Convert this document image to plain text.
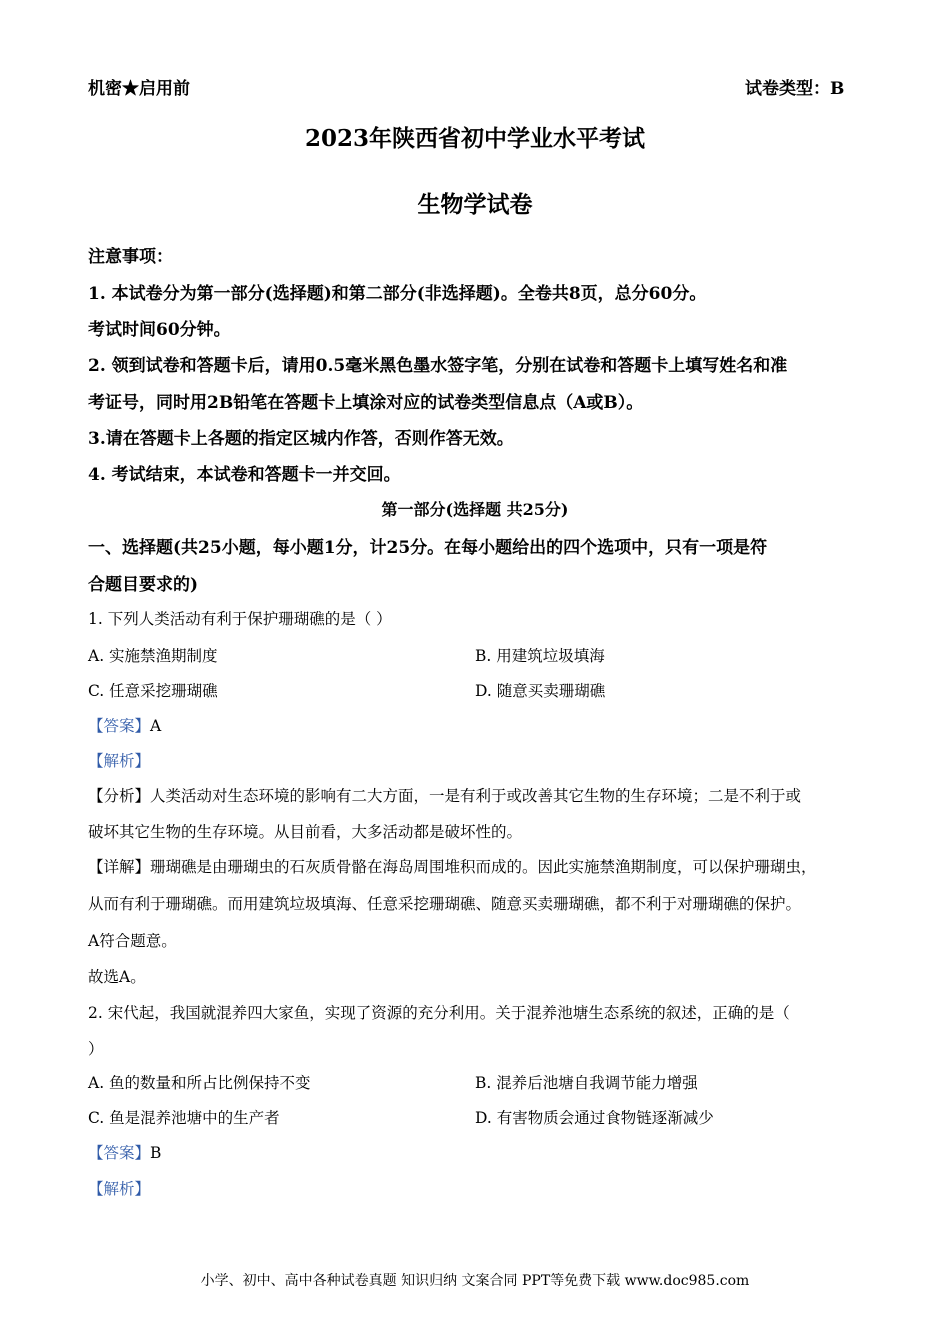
机密★启用前	试卷类型：B
2023年陕西省初中学业水平考试
生物学试卷
注意事项：
1. 本试卷分为第一部分(选择题)和第二部分(非选择题)。全卷共8页，总分60分。
考试时间60分钟。
2. 领到试卷和答题卡后，请用0.5毫米黑色墨水签字笔，分别在试卷和答题卡上填写姓名和准
考证号，同时用2B铅笔在答题卡上填涂对应的试卷类型信息点（A或B）。
3.请在答题卡上各题的指定区城内作答，否则作答无效。
4. 考试结束，本试卷和答题卡一并交回。
第一部分(选择题 共25分)
一、选择题(共25小题，每小题1分，计25分。在每小题给出的四个选项中，只有一项是符
合题目要求的)
1. 下列人类活动有利于保护珊瑚礁的是（ ）
A. 实施禁渔期制度	B. 用建筑垃圾填海
C. 任意采挖珊瑚礁	D. 随意买卖珊瑚礁
【答案】A
【解析】
【分析】人类活动对生态环境的影响有二大方面，一是有利于或改善其它生物的生存环境；二是不利于或
破坏其它生物的生存环境。从目前看，大多活动都是破坏性的。
【详解】珊瑚礁是由珊瑚虫的石灰质骨骼在海岛周围堆积而成的。因此实施禁渔期制度，可以保护珊瑚虫，
从而有利于珊瑚礁。而用建筑垃圾填海、任意采挖珊瑚礁、随意买卖珊瑚礁，都不利于对珊瑚礁的保护。
A符合题意。
故选A。
2. 宋代起，我国就混养四大家鱼，实现了资源的充分利用。关于混养池塘生态系统的叙述，正确的是（
）
A. 鱼的数量和所占比例保持不变	B. 混养后池塘自我调节能力增强
C. 鱼是混养池塘中的生产者	D. 有害物质会通过食物链逐渐减少
【答案】B
【解析】
小学、初中、高中各种试卷真题 知识归纳 文案合同 PPT等免费下载 www.doc985.com
